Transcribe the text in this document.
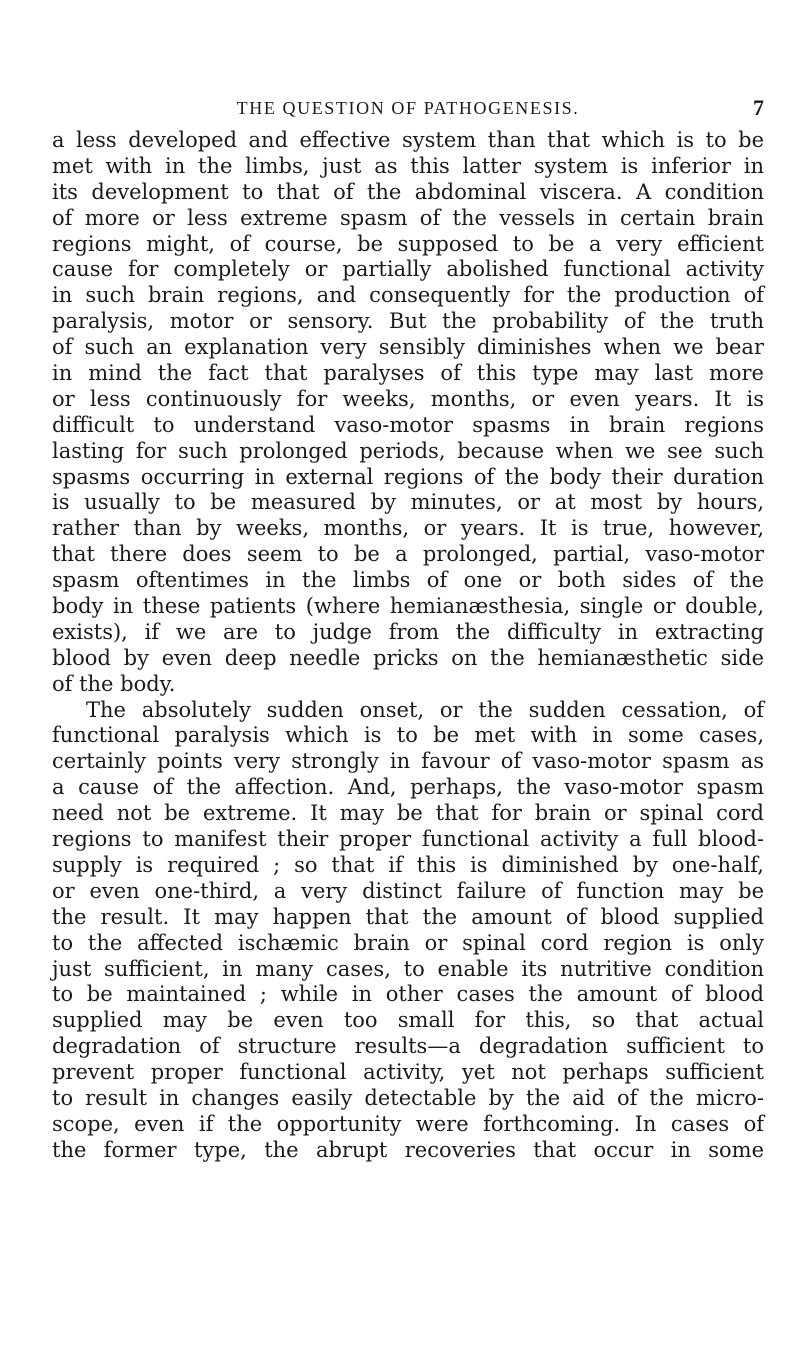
THE QUESTION OF PATHOGENESIS.	7
a less developed and effective system than that which is to be
met with in the limbs, just as this latter system is inferior in
its development to that of the abdominal viscera. A condition
of more or less extreme spasm of the vessels in certain brain
regions might, of course, be supposed to be a very efficient
cause for completely or partially abolished functional activity
in such brain regions, and consequently for the production of
paralysis, motor or sensory. But the probability of the truth
of such an explanation very sensibly diminishes when we bear
in mind the fact that paralyses of this type may last more
or less continuously for weeks, months, or even years. It is
difficult to understand vaso-motor spasms in brain regions
lasting for such prolonged periods, because when we see such
spasms occurring in external regions of the body their duration
is usually to be measured by minutes, or at most by hours,
rather than by weeks, months, or years. It is true, however,
that there does seem to be a prolonged, partial, vaso-motor
spasm oftentimes in the limbs of one or both sides of the
body in these patients (where hemianæsthesia, single or double,
exists), if we are to judge from the difficulty in extracting
blood by even deep needle pricks on the hemianæsthetic side
of the body.
The absolutely sudden onset, or the sudden cessation, of
functional paralysis which is to be met with in some cases,
certainly points very strongly in favour of vaso-motor spasm as
a cause of the affection. And, perhaps, the vaso-motor spasm
need not be extreme. It may be that for brain or spinal cord
regions to manifest their proper functional activity a full blood-
supply is required ; so that if this is diminished by one-half,
or even one-third, a very distinct failure of function may be
the result. It may happen that the amount of blood supplied
to the affected ischæmic brain or spinal cord region is only
just sufficient, in many cases, to enable its nutritive condition
to be maintained ; while in other cases the amount of blood
supplied may be even too small for this, so that actual
degradation of structure results—a degradation sufficient to
prevent proper functional activity, yet not perhaps sufficient
to result in changes easily detectable by the aid of the micro-
scope, even if the opportunity were forthcoming. In cases of
the former type, the abrupt recoveries that occur in some
